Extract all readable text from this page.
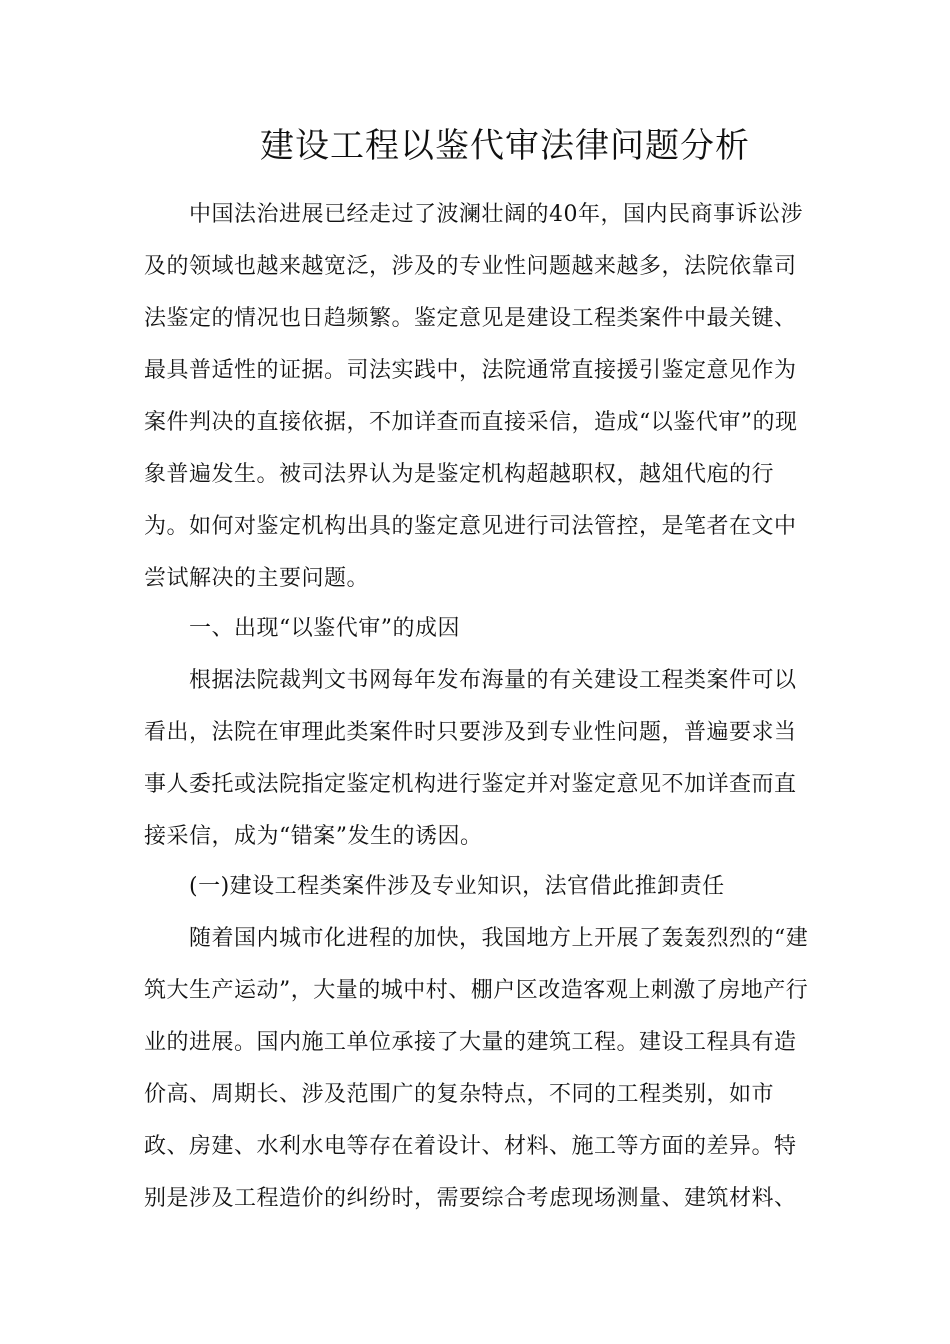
建设工程以鉴代审法律问题分析

中国法治进展已经走过了波澜壮阔的40年，国内民商事诉讼涉

及的领域也越来越宽泛，涉及的专业性问题越来越多，法院依靠司

法鉴定的情况也日趋频繁。鉴定意见是建设工程类案件中最关键、

最具普适性的证据。司法实践中，法院通常直接援引鉴定意见作为

案件判决的直接依据，不加详查而直接采信，造成“以鉴代审”的现

象普遍发生。被司法界认为是鉴定机构超越职权，越俎代庖的行

为。如何对鉴定机构出具的鉴定意见进行司法管控，是笔者在文中

尝试解决的主要问题。

一、出现“以鉴代审”的成因

根据法院裁判文书网每年发布海量的有关建设工程类案件可以

看出，法院在审理此类案件时只要涉及到专业性问题，普遍要求当

事人委托或法院指定鉴定机构进行鉴定并对鉴定意见不加详查而直

接采信，成为“错案”发生的诱因。

(一)建设工程类案件涉及专业知识，法官借此推卸责任

随着国内城市化进程的加快，我国地方上开展了轰轰烈烈的“建

筑大生产运动”，大量的城中村、棚户区改造客观上刺激了房地产行

业的进展。国内施工单位承接了大量的建筑工程。建设工程具有造

价高、周期长、涉及范围广的复杂特点，不同的工程类别，如市

政、房建、水利水电等存在着设计、材料、施工等方面的差异。特

别是涉及工程造价的纠纷时，需要综合考虑现场测量、建筑材料、
